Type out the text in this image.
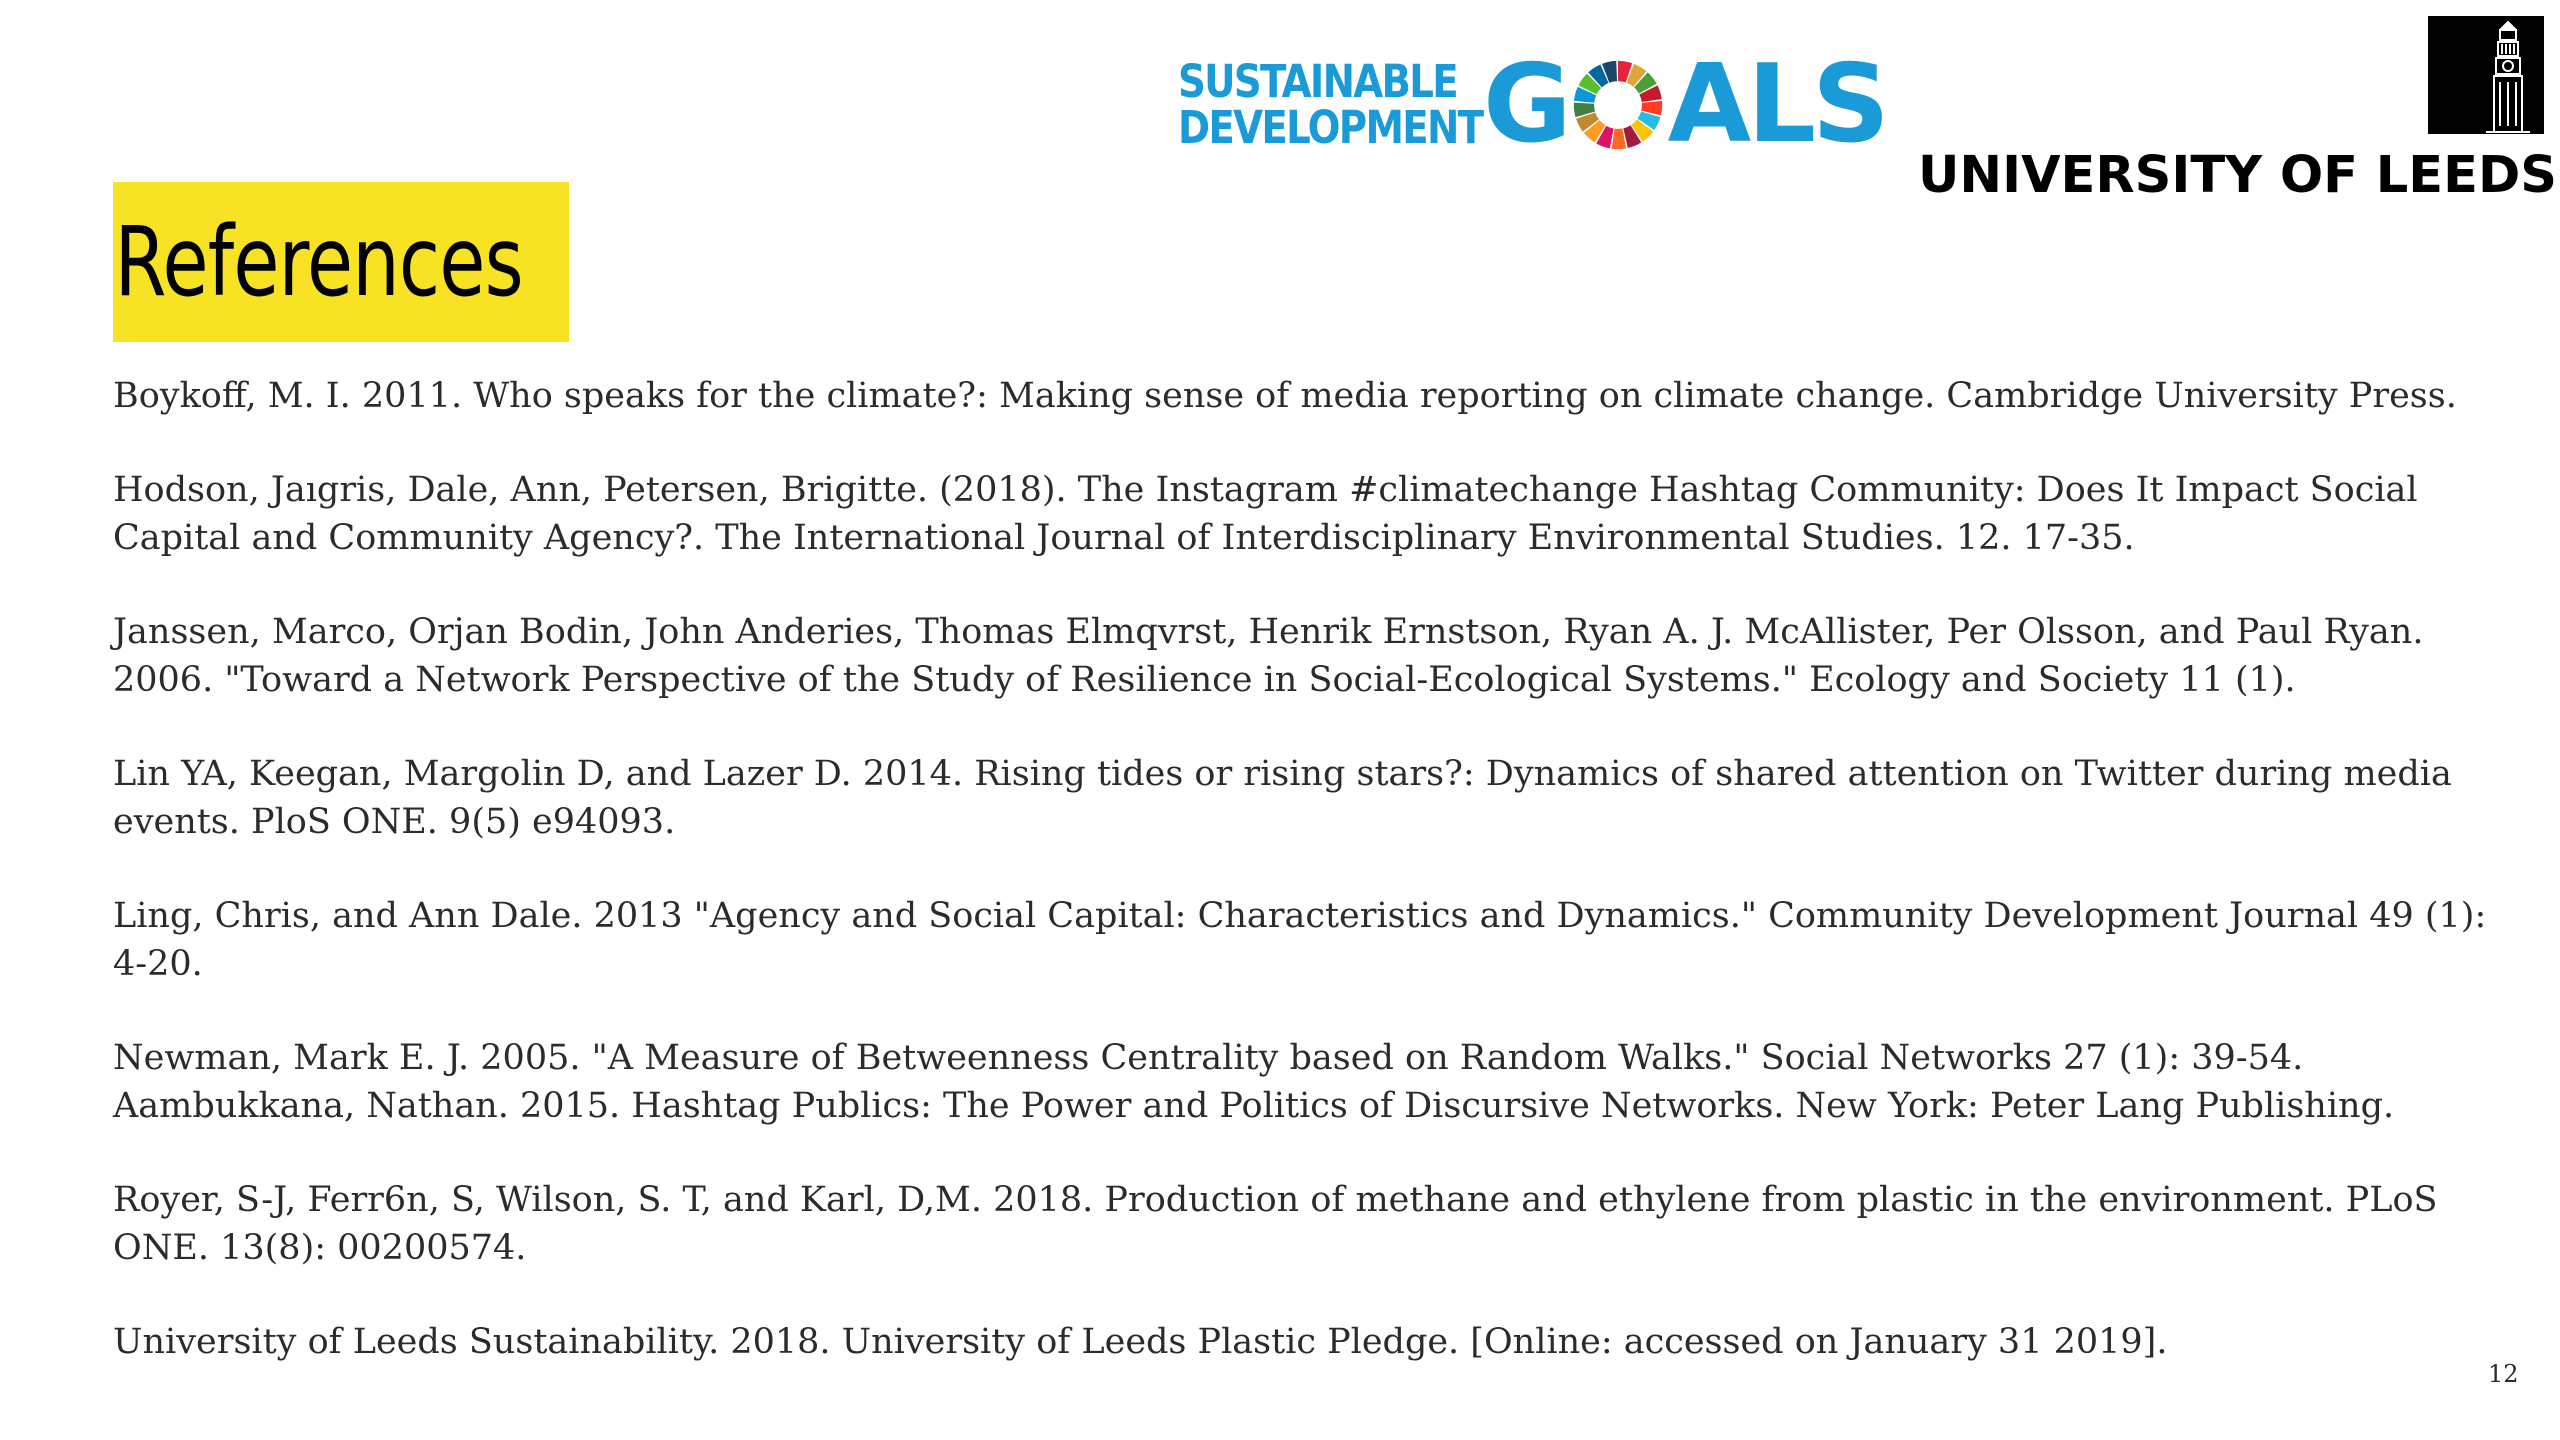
SUSTAINABLE
DEVELOPMENT G ALS
UNIVERSITY OF LEEDS
References
Boykoff, M. I. 2011. Who speaks for the climate?: Making sense of media reporting on climate change. Cambridge University Press.
Hodson, Jaıgris, Dale, Ann, Petersen, Brigitte. (2018). The Instagram #climatechange Hashtag Community: Does It Impact Social
Capital and Community Agency?. The International Journal of Interdisciplinary Environmental Studies. 12. 17-35.
Janssen, Marco, Orjan Bodin, John Anderies, Thomas Elmqvrst, Henrik Ernstson, Ryan A. J. McAllister, Per Olsson, and Paul Ryan.
2006. "Toward a Network Perspective of the Study of Resilience in Social-Ecological Systems." Ecology and Society 11 (1).
Lin YA, Keegan, Margolin D, and Lazer D. 2014. Rising tides or rising stars?: Dynamics of shared attention on Twitter during media
events. PloS ONE. 9(5) e94093.
Ling, Chris, and Ann Dale. 2013 "Agency and Social Capital: Characteristics and Dynamics." Community Development Journal 49 (1):
4-20.
Newman, Mark E. J. 2005. "A Measure of Betweenness Centrality based on Random Walks." Social Networks 27 (1): 39-54.
Aambukkana, Nathan. 2015. Hashtag Publics: The Power and Politics of Discursive Networks. New York: Peter Lang Publishing.
Royer, S-J, Ferr6n, S, Wilson, S. T, and Karl, D,M. 2018. Production of methane and ethylene from plastic in the environment. PLoS
ONE. 13(8): 00200574.
University of Leeds Sustainability. 2018. University of Leeds Plastic Pledge. [Online: accessed on January 31 2019].
12
